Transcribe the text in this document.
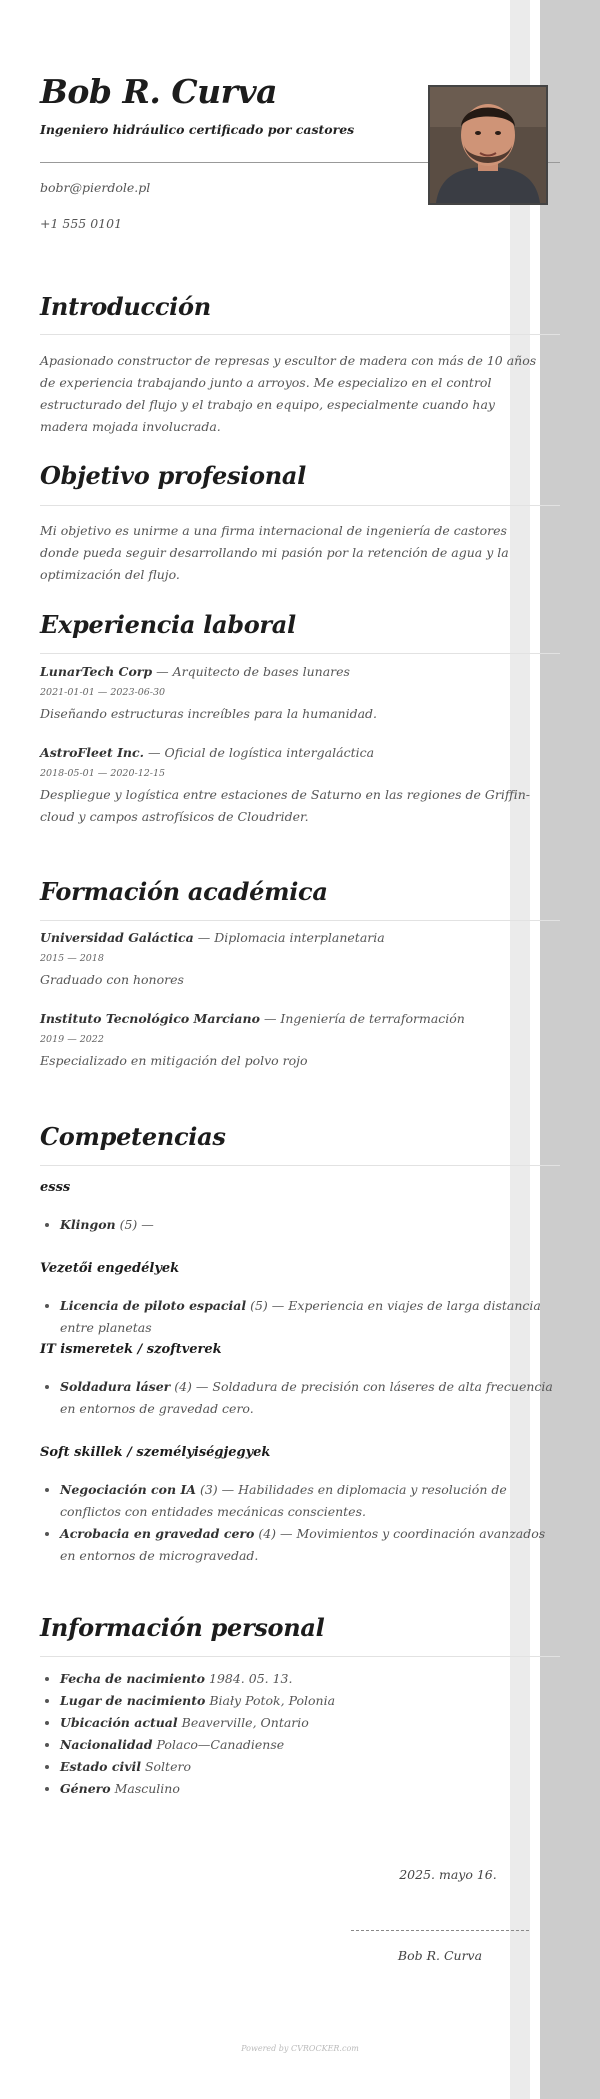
Bob R. Curva
Ingeniero hidráulico certificado por castores
bobr@pierdole.pl
+1 555 0101
Introducción

Apasionado constructor de represas y escultor de madera con más de 10 años de experiencia trabajando junto a arroyos. Me especializo en el control estructurado del flujo y el trabajo en equipo, especialmente cuando hay madera mojada involucrada.

Objetivo profesional

Mi objetivo es unirme a una firma internacional de ingeniería de castores donde pueda seguir desarrollando mi pasión por la retención de agua y la optimización del flujo.

Experiencia laboral
LunarTech Corp — Arquitecto de bases lunares
2021-01-01 — 2023-06-30
Diseñando estructuras increíbles para la humanidad.
AstroFleet Inc. — Oficial de logística intergaláctica
2018-05-01 — 2020-12-15
Despliegue y logística entre estaciones de Saturno en las regiones de Griffin-cloud y campos astrofísicos de Cloudrider.
Formación académica
Universidad Galáctica — Diplomacia interplanetaria
2015 — 2018
Graduado con honores
Instituto Tecnológico Marciano — Ingeniería de terraformación
2019 — 2022
Especializado en mitigación del polvo rojo
Competencias
esss
• Klingon (5) —
Vezetői engedélyek
• Licencia de piloto espacial (5) — Experiencia en viajes de larga distancia entre planetas
IT ismeretek / szoftverek
• Soldadura láser (4) — Soldadura de precisión con láseres de alta frecuencia en entornos de gravedad cero.
Soft skillek / személyiségjegyek
• Negociación con IA (3) — Habilidades en diplomacia y resolución de conflictos con entidades mecánicas conscientes.
• Acrobacia en gravedad cero (4) — Movimientos y coordinación avanzados en entornos de microgravedad.
Información personal
• Fecha de nacimiento 1984. 05. 13.
• Lugar de nacimiento Biały Potok, Polonia
• Ubicación actual Beaverville, Ontario
• Nacionalidad Polaco—Canadiense
• Estado civil Soltero
• Género Masculino
2025. mayo 16.
Bob R. Curva
Powered by CVROCKER.com
